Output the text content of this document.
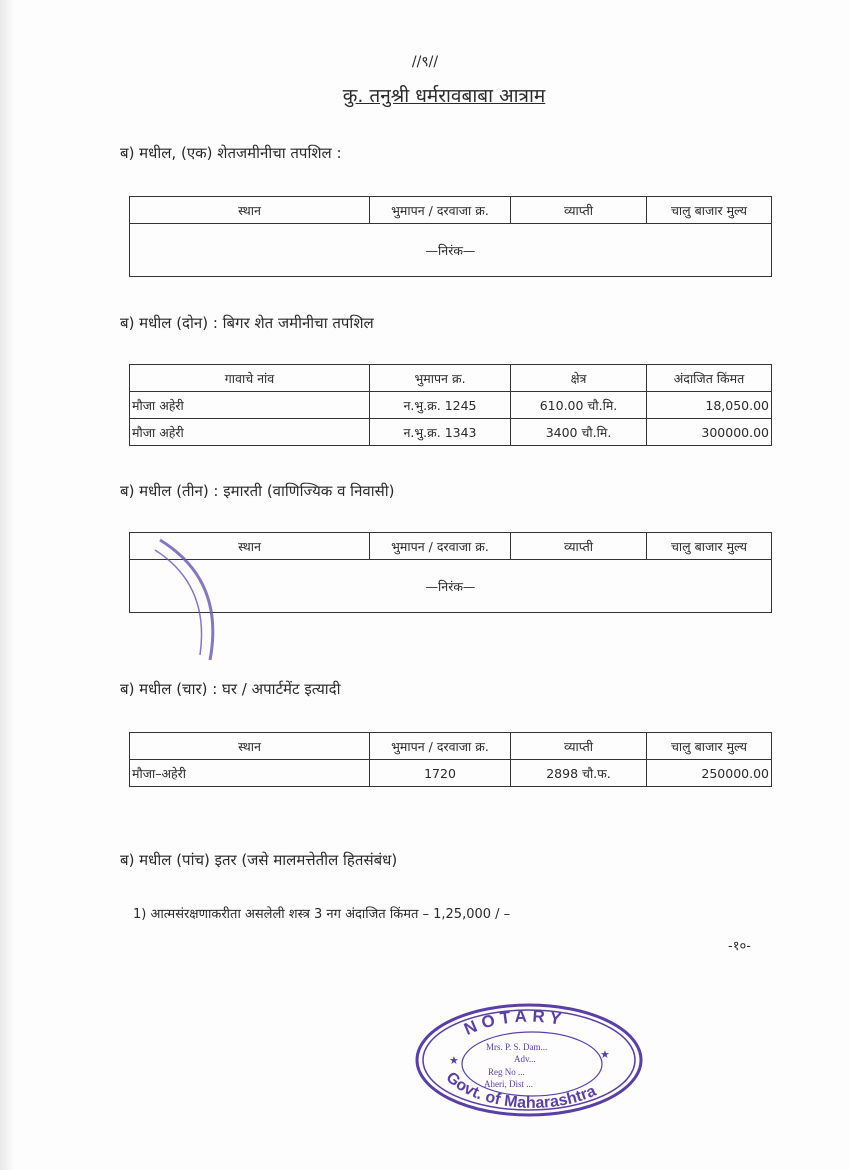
//९//
कु. तनुश्री धर्मरावबाबा आत्राम
ब) मधील, (एक) शेतजमीनीचा तपशिल :
स्थान	भुमापन / दरवाजा क्र.	व्याप्ती	चालु बाजार मुल्य
—निरंक—
ब) मधील (दोन) : बिगर शेत जमीनीचा तपशिल
गावाचे नांव	भुमापन क्र.	क्षेत्र	अंदाजित किंमत
मौजा अहेरी	न.भु.क्र. 1245	610.00 चौ.मि.	18,050.00
मौजा अहेरी	न.भु.क्र. 1343	3400 चौ.मि.	300000.00
ब) मधील (तीन) : इमारती (वाणिज्यिक व निवासी)
स्थान	भुमापन / दरवाजा क्र.	व्याप्ती	चालु बाजार मुल्य
—निरंक—
ब) मधील (चार) : घर / अपार्टमेंट इत्यादी
स्थान	भुमापन / दरवाजा क्र.	व्याप्ती	चालु बाजार मुल्य
मौजा–अहेरी	1720	2898 चौ.फ.	250000.00
ब) मधील (पांच) इतर (जसे मालमत्तेतील हितसंबंध)
1) आत्मसंरक्षणाकरीता असलेली शस्त्र 3 नग अंदाजित किंमत – 1,25,000 / –
-१०-
NOTARY
Govt. of Maharashtra
★	★
Mrs. P. S. Dam...
Adv...
Reg No ...
Aheri, Dist ...
